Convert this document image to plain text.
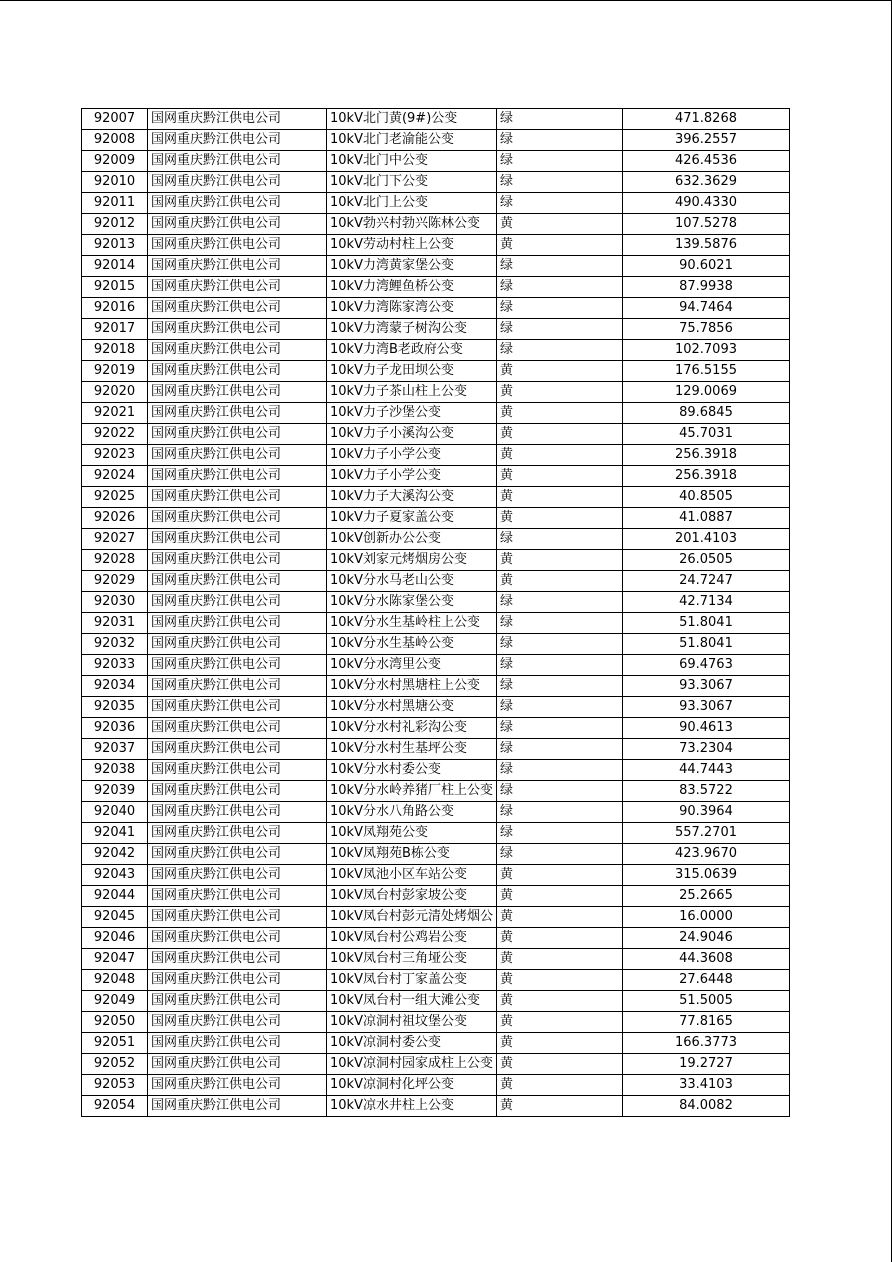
92007	国网重庆黔江供电公司	10kV北门黄(9#)公变	绿	471.8268
92008	国网重庆黔江供电公司	10kV北门老渝能公变	绿	396.2557
92009	国网重庆黔江供电公司	10kV北门中公变	绿	426.4536
92010	国网重庆黔江供电公司	10kV北门下公变	绿	632.3629
92011	国网重庆黔江供电公司	10kV北门上公变	绿	490.4330
92012	国网重庆黔江供电公司	10kV勃兴村勃兴陈林公变	黄	107.5278
92013	国网重庆黔江供电公司	10kV劳动村柱上公变	黄	139.5876
92014	国网重庆黔江供电公司	10kV力湾黄家堡公变	绿	90.6021
92015	国网重庆黔江供电公司	10kV力湾鲤鱼桥公变	绿	87.9938
92016	国网重庆黔江供电公司	10kV力湾陈家湾公变	绿	94.7464
92017	国网重庆黔江供电公司	10kV力湾蒙子树沟公变	绿	75.7856
92018	国网重庆黔江供电公司	10kV力湾B老政府公变	绿	102.7093
92019	国网重庆黔江供电公司	10kV力子龙田坝公变	黄	176.5155
92020	国网重庆黔江供电公司	10kV力子茶山柱上公变	黄	129.0069
92021	国网重庆黔江供电公司	10kV力子沙堡公变	黄	89.6845
92022	国网重庆黔江供电公司	10kV力子小溪沟公变	黄	45.7031
92023	国网重庆黔江供电公司	10kV力子小学公变	黄	256.3918
92024	国网重庆黔江供电公司	10kV力子小学公变	黄	256.3918
92025	国网重庆黔江供电公司	10kV力子大溪沟公变	黄	40.8505
92026	国网重庆黔江供电公司	10kV力子夏家盖公变	黄	41.0887
92027	国网重庆黔江供电公司	10kV创新办公公变	绿	201.4103
92028	国网重庆黔江供电公司	10kV刘家元烤烟房公变	黄	26.0505
92029	国网重庆黔江供电公司	10kV分水马老山公变	黄	24.7247
92030	国网重庆黔江供电公司	10kV分水陈家堡公变	绿	42.7134
92031	国网重庆黔江供电公司	10kV分水生基岭柱上公变	绿	51.8041
92032	国网重庆黔江供电公司	10kV分水生基岭公变	绿	51.8041
92033	国网重庆黔江供电公司	10kV分水湾里公变	绿	69.4763
92034	国网重庆黔江供电公司	10kV分水村黑塘柱上公变	绿	93.3067
92035	国网重庆黔江供电公司	10kV分水村黑塘公变	绿	93.3067
92036	国网重庆黔江供电公司	10kV分水村礼彩沟公变	绿	90.4613
92037	国网重庆黔江供电公司	10kV分水村生基坪公变	绿	73.2304
92038	国网重庆黔江供电公司	10kV分水村委公变	绿	44.7443
92039	国网重庆黔江供电公司	10kV分水岭养猪厂柱上公变	绿	83.5722
92040	国网重庆黔江供电公司	10kV分水八角路公变	绿	90.3964
92041	国网重庆黔江供电公司	10kV凤翔苑公变	绿	557.2701
92042	国网重庆黔江供电公司	10kV凤翔苑B栋公变	绿	423.9670
92043	国网重庆黔江供电公司	10kV凤池小区车站公变	黄	315.0639
92044	国网重庆黔江供电公司	10kV凤台村彭家坡公变	黄	25.2665
92045	国网重庆黔江供电公司	10kV凤台村彭元清处烤烟公	黄	16.0000
92046	国网重庆黔江供电公司	10kV凤台村公鸡岩公变	黄	24.9046
92047	国网重庆黔江供电公司	10kV凤台村三角垭公变	黄	44.3608
92048	国网重庆黔江供电公司	10kV凤台村丁家盖公变	黄	27.6448
92049	国网重庆黔江供电公司	10kV凤台村一组大滩公变	黄	51.5005
92050	国网重庆黔江供电公司	10kV凉洞村祖坟堡公变	黄	77.8165
92051	国网重庆黔江供电公司	10kV凉洞村委公变	黄	166.3773
92052	国网重庆黔江供电公司	10kV凉洞村园家成柱上公变	黄	19.2727
92053	国网重庆黔江供电公司	10kV凉洞村化坪公变	黄	33.4103
92054	国网重庆黔江供电公司	10kV凉水井柱上公变	黄	84.0082
